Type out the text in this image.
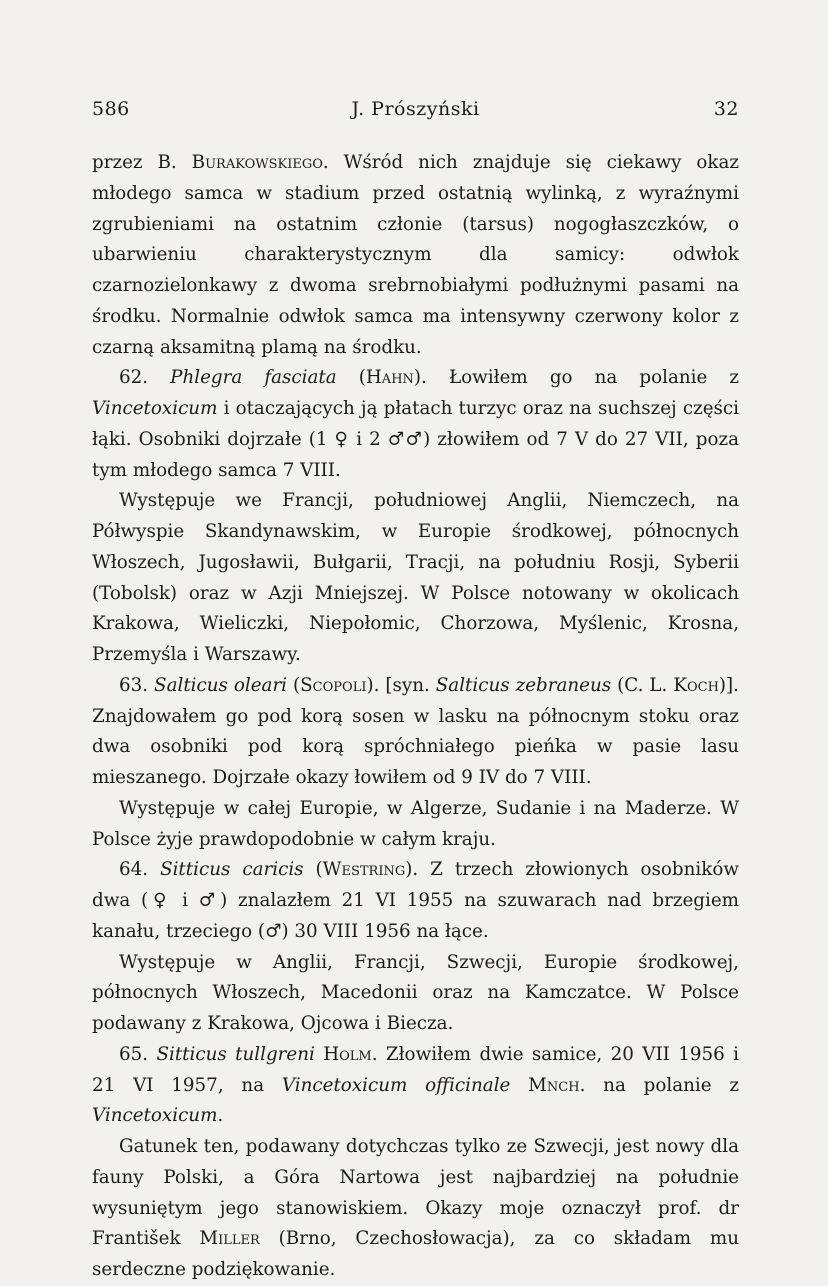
586	J. Prószyński	32

przez B. Burakowskiego. Wśród nich znajduje się ciekawy okaz młodego samca w stadium przed ostatnią wylinką, z wyraźnymi zgrubieniami na ostatnim członie (tarsus) nogogłaszczków, o ubarwieniu charakterystycznym dla samicy: odwłok czarnozielonkawy z dwoma srebrnobiałymi podłużnymi pasami na środku. Normalnie odwłok samca ma intensywny czerwony kolor z czarną aksamitną plamą na środku.

62. Phlegra fasciata (Hahn). Łowiłem go na polanie z Vincetoxicum i otaczających ją płatach turzyc oraz na suchszej części łąki. Osobniki dojrzałe (1 ♀ i 2 ♂♂) złowiłem od 7 V do 27 VII, poza tym młodego samca 7 VIII.

Występuje we Francji, południowej Anglii, Niemczech, na Półwyspie Skandynawskim, w Europie środkowej, północnych Włoszech, Jugosławii, Bułgarii, Tracji, na południu Rosji, Syberii (Tobolsk) oraz w Azji Mniejszej. W Polsce notowany w okolicach Krakowa, Wieliczki, Niepołomic, Chorzowa, Myślenic, Krosna, Przemyśla i Warszawy.

63. Salticus oleari (Scopoli). [syn. Salticus zebraneus (C. L. Koch)]. Znajdowałem go pod korą sosen w lasku na północnym stoku oraz dwa osobniki pod korą spróchniałego pieńka w pasie lasu mieszanego. Dojrzałe okazy łowiłem od 9 IV do 7 VIII.

Występuje w całej Europie, w Algerze, Sudanie i na Maderze. W Polsce żyje prawdopodobnie w całym kraju.

64. Sitticus caricis (Westring). Z trzech złowionych osobników dwa (♀ i ♂) znalazłem 21 VI 1955 na szuwarach nad brzegiem kanału, trzeciego (♂) 30 VIII 1956 na łące.

Występuje w Anglii, Francji, Szwecji, Europie środkowej, północnych Włoszech, Macedonii oraz na Kamczatce. W Polsce podawany z Krakowa, Ojcowa i Biecza.

65. Sitticus tullgreni Holm. Złowiłem dwie samice, 20 VII 1956 i 21 VI 1957, na Vincetoxicum officinale Mnch. na polanie z Vincetoxicum.

Gatunek ten, podawany dotychczas tylko ze Szwecji, jest nowy dla fauny Polski, a Góra Nartowa jest najbardziej na południe wysuniętym jego stanowiskiem. Okazy moje oznaczył prof. dr František Miller (Brno, Czechosłowacja), za co składam mu serdeczne podziękowanie.
